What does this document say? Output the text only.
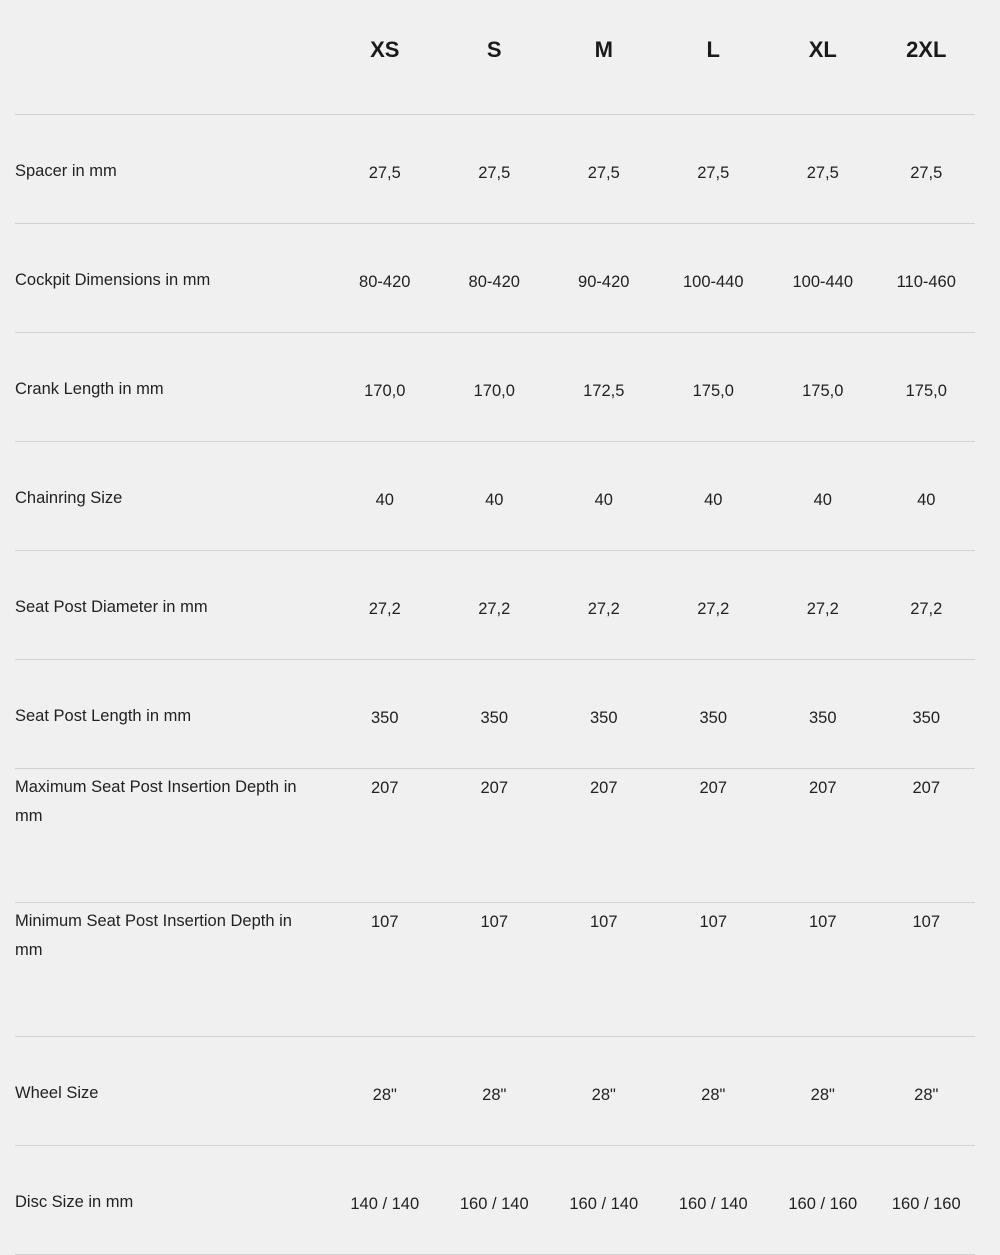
	XS	S	M	L	XL	2XL
Spacer in mm	27,5	27,5	27,5	27,5	27,5	27,5
Cockpit Dimensions in mm	80-420	80-420	90-420	100-440	100-440	110-460
Crank Length in mm	170,0	170,0	172,5	175,0	175,0	175,0
Chainring Size	40	40	40	40	40	40
Seat Post Diameter in mm	27,2	27,2	27,2	27,2	27,2	27,2
Seat Post Length in mm	350	350	350	350	350	350
Maximum Seat Post Insertion Depth in mm	207	207	207	207	207	207
Minimum Seat Post Insertion Depth in mm	107	107	107	107	107	107
Wheel Size	28"	28"	28"	28"	28"	28"
Disc Size in mm	140 / 140	160 / 140	160 / 140	160 / 140	160 / 160	160 / 160
